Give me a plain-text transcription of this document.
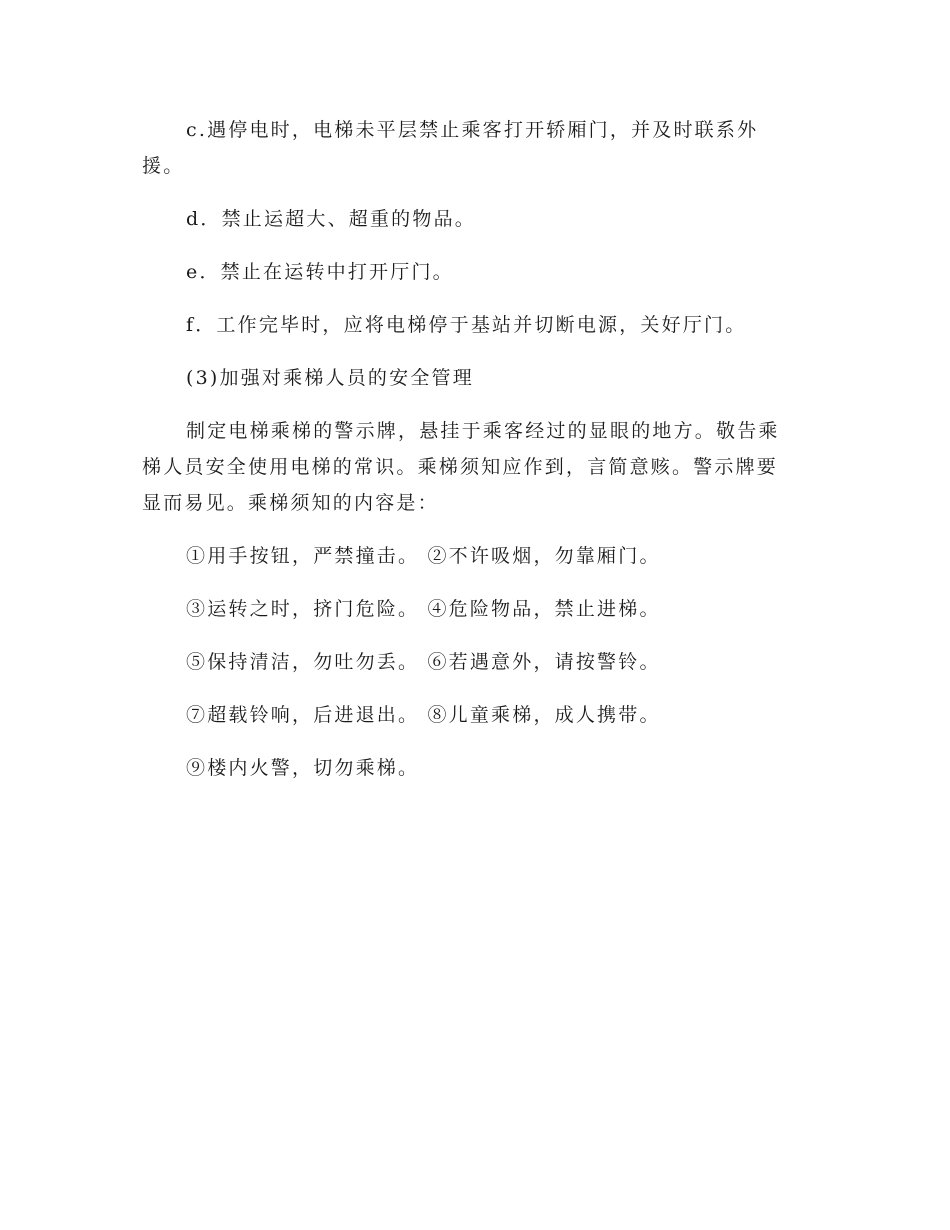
c.遇停电时，电梯未平层禁止乘客打开轿厢门，并及时联系外援。

d．禁止运超大、超重的物品。

e．禁止在运转中打开厅门。

f．工作完毕时，应将电梯停于基站并切断电源，关好厅门。

(3)加强对乘梯人员的安全管理

制定电梯乘梯的警示牌，悬挂于乘客经过的显眼的地方。敬告乘梯人员安全使用电梯的常识。乘梯须知应作到，言简意赅。警示牌要显而易见。乘梯须知的内容是：

①用手按钮，严禁撞击。 ②不许吸烟，勿靠厢门。

③运转之时，挤门危险。 ④危险物品，禁止进梯。

⑤保持清洁，勿吐勿丢。 ⑥若遇意外，请按警铃。

⑦超载铃响，后进退出。 ⑧儿童乘梯，成人携带。

⑨楼内火警，切勿乘梯。
